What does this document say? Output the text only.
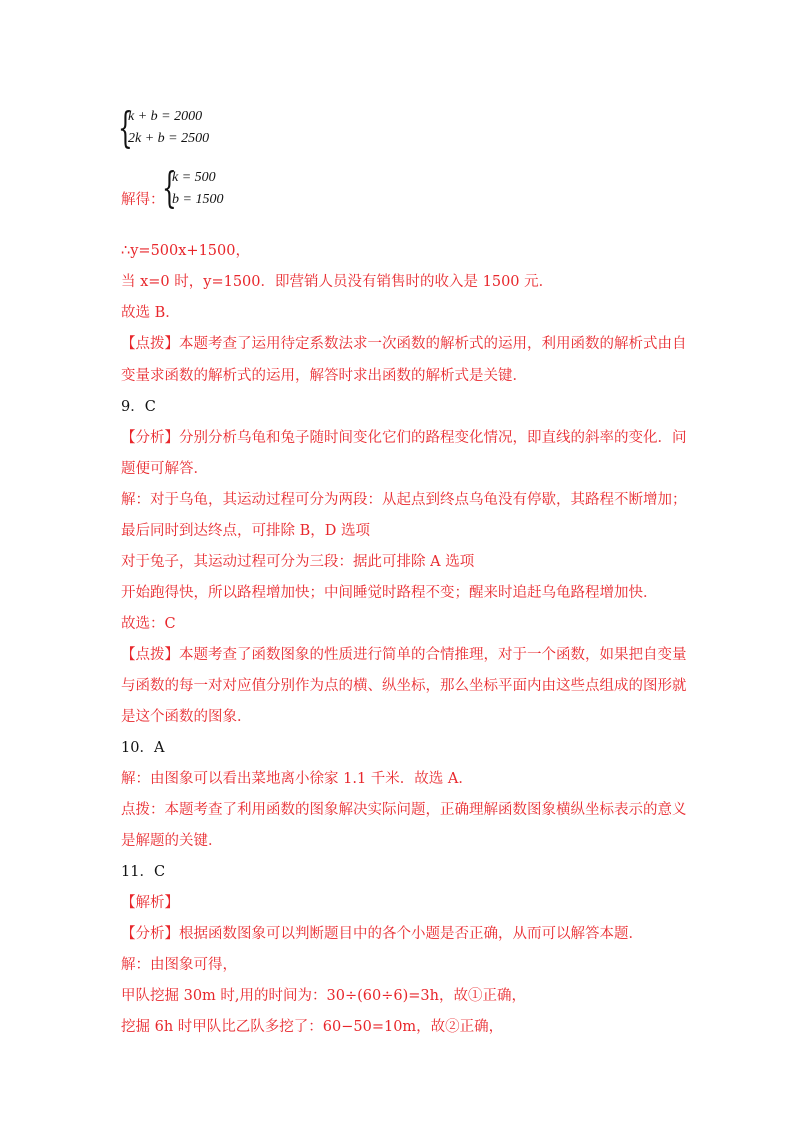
{
k + b = 2000
2k + b = 2500
解得：
{
k = 500
b = 1500
∴y=500x+1500，
当 x=0 时，y=1500．即营销人员没有销售时的收入是 1500 元．
故选 B．
【点拨】本题考查了运用待定系数法求一次函数的解析式的运用，利用函数的解析式由自
变量求函数的解析式的运用，解答时求出函数的解析式是关键．
9．C
【分析】分别分析乌龟和兔子随时间变化它们的路程变化情况，即直线的斜率的变化．问
题便可解答．
解：对于乌龟，其运动过程可分为两段：从起点到终点乌龟没有停歇，其路程不断增加；
最后同时到达终点，可排除 B，D 选项
对于兔子，其运动过程可分为三段：据此可排除 A 选项
开始跑得快，所以路程增加快；中间睡觉时路程不变；醒来时追赶乌龟路程增加快．
故选：C
【点拨】本题考查了函数图象的性质进行简单的合情推理，对于一个函数，如果把自变量
与函数的每一对对应值分别作为点的横、纵坐标，那么坐标平面内由这些点组成的图形就
是这个函数的图象．
10．A
解：由图象可以看出菜地离小徐家 1.1 千米．故选 A．
点拨：本题考查了利用函数的图象解决实际问题，正确理解函数图象横纵坐标表示的意义
是解题的关键．
11．C
【解析】
【分析】根据函数图象可以判断题目中的各个小题是否正确，从而可以解答本题．
解：由图象可得，
甲队挖掘 30m 时,用的时间为：30÷(60÷6)=3h，故①正确，
挖掘 6h 时甲队比乙队多挖了：60−50=10m，故②正确，
